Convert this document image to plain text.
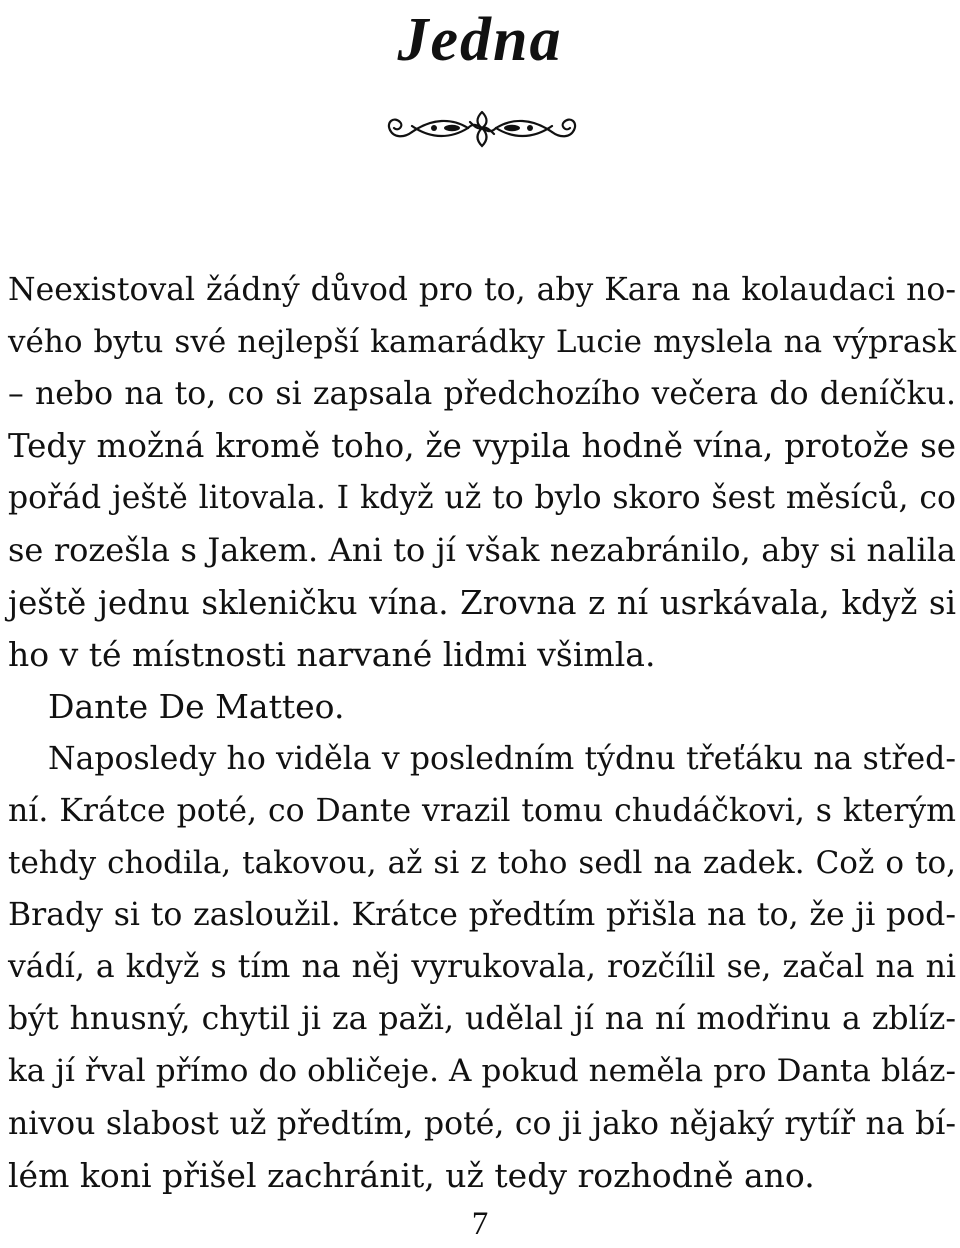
Jedna
Neexistoval žádný důvod pro to, aby Kara na kolaudaci no-
vého bytu své nejlepší kamarádky Lucie myslela na výprask
– nebo na to, co si zapsala předchozího večera do deníčku.
Tedy možná kromě toho, že vypila hodně vína, protože se
pořád ještě litovala. I když už to bylo skoro šest měsíců, co
se rozešla s Jakem. Ani to jí však nezabránilo, aby si nalila
ještě jednu skleničku vína. Zrovna z ní usrkávala, když si
ho v té místnosti narvané lidmi všimla.
Dante De Matteo.
Naposledy ho viděla v posledním týdnu třeťáku na střed-
ní. Krátce poté, co Dante vrazil tomu chudáčkovi, s kterým
tehdy chodila, takovou, až si z toho sedl na zadek. Což o to,
Brady si to zasloužil. Krátce předtím přišla na to, že ji pod-
vádí, a když s tím na něj vyrukovala, rozčílil se, začal na ni
být hnusný, chytil ji za paži, udělal jí na ní modřinu a zblíz-
ka jí řval přímo do obličeje. A pokud neměla pro Danta bláz-
nivou slabost už předtím, poté, co ji jako nějaký rytíř na bí-
lém koni přišel zachránit, už tedy rozhodně ano.
7
